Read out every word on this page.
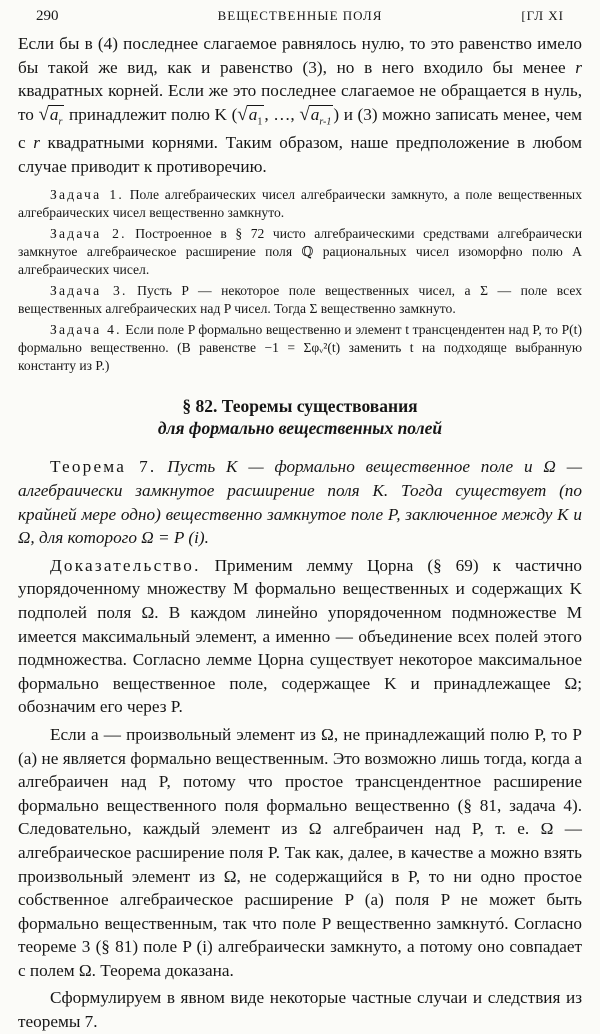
290	ВЕЩЕСТВЕННЫЕ ПОЛЯ	[ГЛ XI

Если бы в (4) последнее слагаемое равнялось нулю, то это равенство имело бы такой же вид, как и равенство (3), но в него входило бы менее r квадратных корней. Если же это последнее слагаемое не обращается в нуль, то $√a_r$ принадлежит полю K ($√a_1$ , …, $√a_{r-1}$ ) и (3) можно записать менее, чем с r квадратными корнями. Таким образом, наше предположение в любом случае приводит к противоречию.

Задача 1. Поле алгебраических чисел алгебраически замкнуто, а поле вещественных алгебраических чисел вещественно замкнуто.

Задача 2. Построенное в § 72 чисто алгебраическими средствами алгебраически замкнутое алгебраическое расширение поля ℚ рациональных чисел изоморфно полю A алгебраических чисел.

Задача 3. Пусть P — некоторое поле вещественных чисел, а Σ — поле всех вещественных алгебраических над P чисел. Тогда Σ вещественно замкнуто.

Задача 4. Если поле P формально вещественно и элемент t трансцендентен над P, то P(t) формально вещественно. (В равенстве −1 = Σφᵥ²(t) заменить t на подходяще выбранную константу из P.)

§ 82. Теоремы существования
для формально вещественных полей

Теорема 7. Пусть K — формально вещественное поле и Ω — алгебраически замкнутое расширение поля K. Тогда существует (по крайней мере одно) вещественно замкнутое поле P, заключенное между K и Ω, для которого Ω = P (i).

Доказательство. Применим лемму Цорна (§ 69) к частично упорядоченному множеству M формально вещественных и содержащих K подполей поля Ω. В каждом линейно упорядоченном подмножестве M имеется максимальный элемент, а именно — объединение всех полей этого подмножества. Согласно лемме Цорна существует некоторое максимальное формально вещественное поле, содержащее K и принадлежащее Ω; обозначим его через P.

Если a — произвольный элемент из Ω, не принадлежащий полю P, то P (a) не является формально вещественным. Это возможно лишь тогда, когда a алгебраичен над P, потому что простое трансцендентное расширение формально вещественного поля формально вещественно (§ 81, задача 4). Следовательно, каждый элемент из Ω алгебраичен над P, т. е. Ω — алгебраическое расширение поля P. Так как, далее, в качестве a можно взять произвольный элемент из Ω, не содержащийся в P, то ни одно простое собственное алгебраическое расширение P (a) поля P не может быть формально вещественным, так что поле P вещественно замкнутó. Согласно теореме 3 (§ 81) поле P (i) алгебраически замкнуто, а потому оно совпадает с полем Ω. Теорема доказана.

Сформулируем в явном виде некоторые частные случаи и следствия из теоремы 7.
